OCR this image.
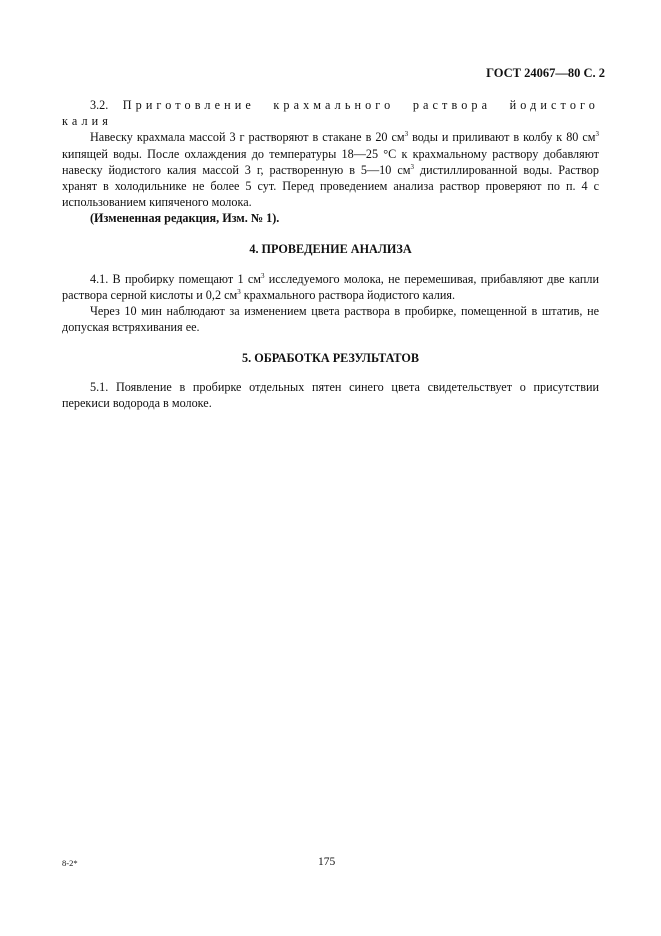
ГОСТ 24067—80 С. 2

3.2. Приготовление крахмального раствора йодистого калия

Навеску крахмала массой 3 г растворяют в стакане в 20 $см^3$ воды и приливают в колбу к 80 $см^3$ кипящей воды. После охлаждения до температуры 18—25 °С к крахмальному раствору добавляют навеску йодистого калия массой 3 г, растворенную в 5—10 $см^3$ дистиллированной воды. Раствор хранят в холодильнике не более 5 сут. Перед проведением анализа раствор проверяют по п. 4 с использованием кипяченого молока.

(Измененная редакция, Изм. № 1).

4. ПРОВЕДЕНИЕ АНАЛИЗА

4.1. В пробирку помещают 1 $см^3$ исследуемого молока, не перемешивая, прибавляют две капли раствора серной кислоты и 0,2 $см^3$ крахмального раствора йодистого калия.

Через 10 мин наблюдают за изменением цвета раствора в пробирке, помещенной в штатив, не допуская встряхивания ее.

5. ОБРАБОТКА РЕЗУЛЬТАТОВ

5.1. Появление в пробирке отдельных пятен синего цвета свидетельствует о присутствии перекиси водорода в молоке.

8-2*	175
